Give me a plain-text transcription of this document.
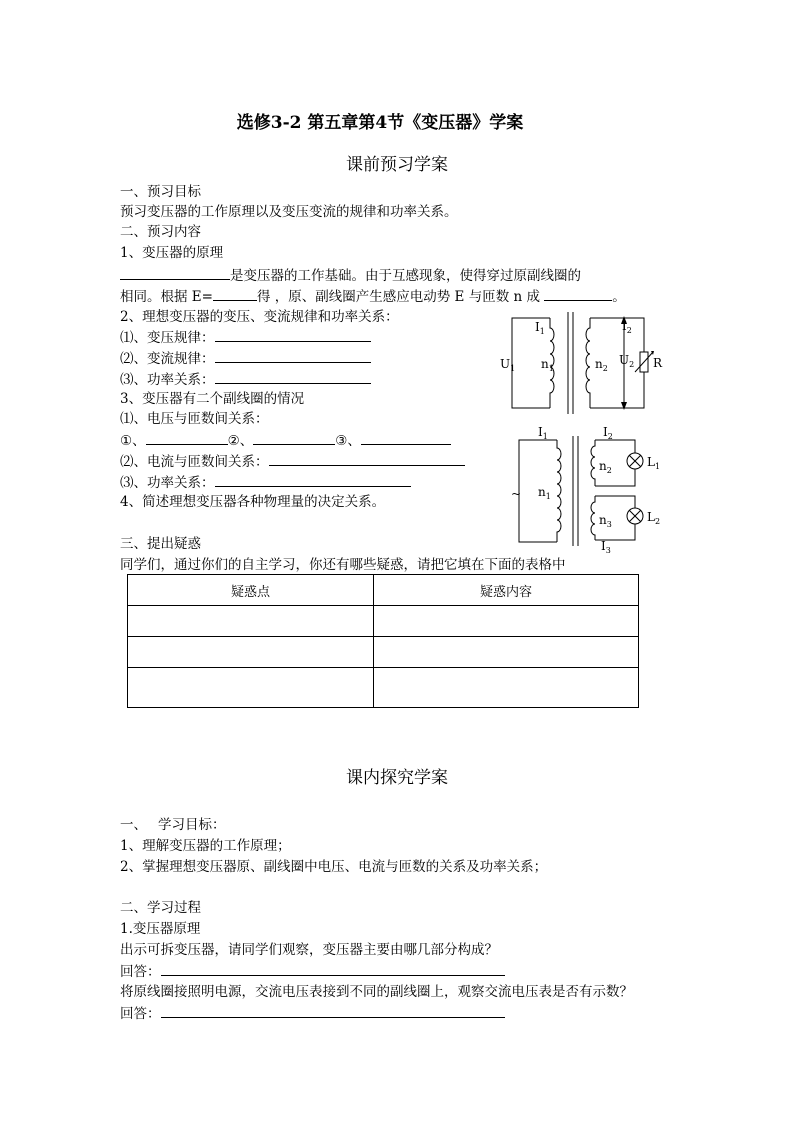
选修3-2 第五章第4节《变压器》学案
课前预习学案
一、预习目标
预习变压器的工作原理以及变压变流的规律和功率关系。
二、预习内容
1、变压器的原理
是变压器的工作基础。由于互感现象，使得穿过原副线圈的
相同。根据 E=	得 ，原、副线圈产生感应电动势 E 与匝数 n 成	。
2、理想变压器的变压、变流规律和功率关系：
⑴、变压规律：
⑵、变流规律：
⑶、功率关系：
3、变压器有二个副线圈的情况
⑴、电压与匝数间关系：
①、	②、	③、
⑵、电流与匝数间关系：
⑶、功率关系：
4、简述理想变压器各种物理量的决定关系。
三、提出疑惑
同学们，通过你们的自主学习，你还有哪些疑惑，请把它填在下面的表格中
疑惑点	疑惑内容

$I_1$	$I_2$
$U_1$ $n_1$	$n_2$
$U_2$ R
$I_1$	$I_2$
$I_3$
~ $n_1$
$n_2$
$n_3$
$L_1$
$L_2$
课内探究学案
一、　 学习目标：
1、理解变压器的工作原理；
2、掌握理想变压器原、副线圈中电压、电流与匝数的关系及功率关系；
二、学习过程
1.变压器原理
出示可拆变压器，请同学们观察，变压器主要由哪几部分构成？
回答：
将原线圈接照明电源，交流电压表接到不同的副线圈上，观察交流电压表是否有示数？
回答：
